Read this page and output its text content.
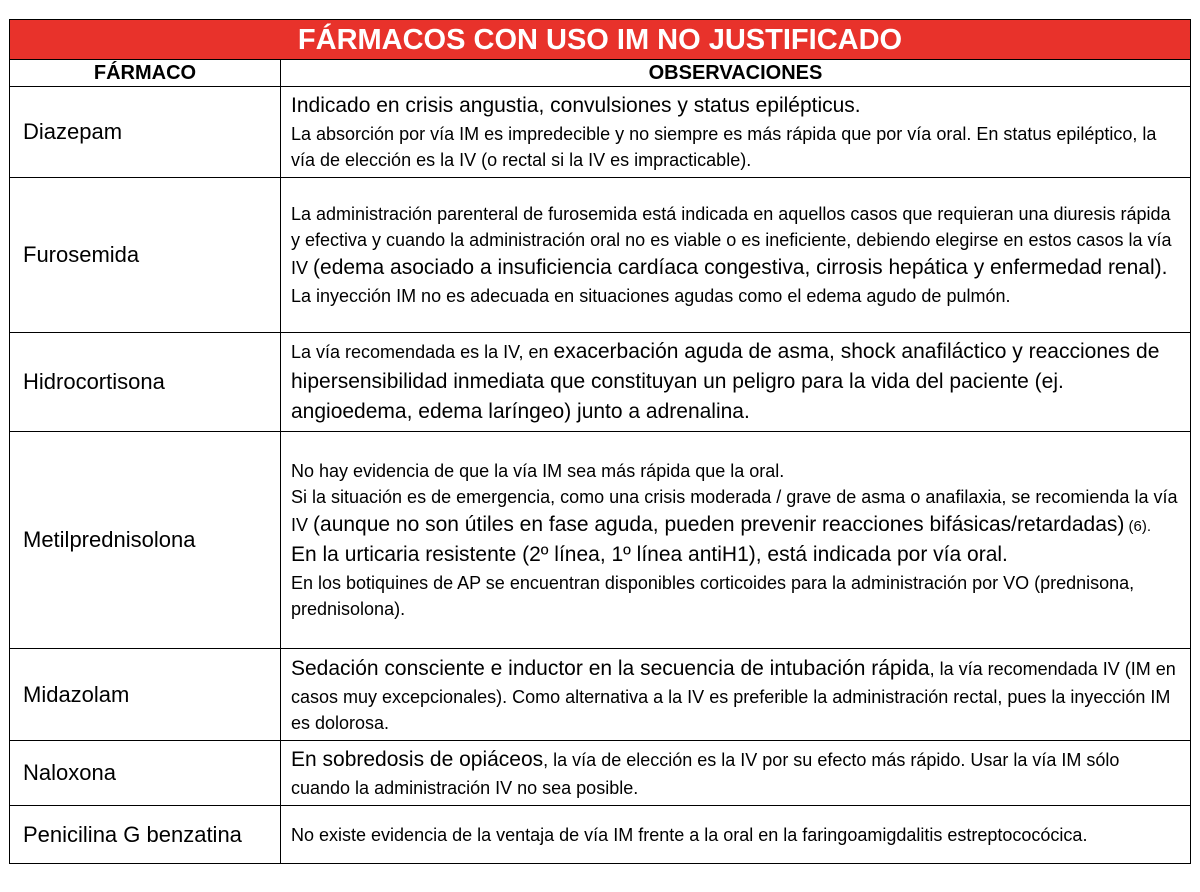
FÁRMACOS CON USO IM NO JUSTIFICADO	
FÁRMACO	OBSERVACIONES
Diazepam	Indicado en crisis angustia, convulsiones y status epilépticus.

La absorción por vía IM es impredecible y no siempre es más rápida que por vía oral. En status epiléptico, la vía de elección es la IV (o rectal si la IV es impracticable).

Furosemida	La administración parenteral de furosemida está indicada en aquellos casos que requieran una diuresis rápida y efectiva y cuando la administración oral no es viable o es ineficiente, debiendo elegirse en estos casos la vía IV (edema asociado a insuficiencia cardíaca congestiva, cirrosis hepática y enfermedad renal).

La inyección IM no es adecuada en situaciones agudas como el edema agudo de pulmón.

Hidrocortisona	La vía recomendada es la IV, en exacerbación aguda de asma, shock anafiláctico y reacciones de hipersensibilidad inmediata que constituyan un peligro para la vida del paciente (ej. angioedema, edema laríngeo) junto a adrenalina.

Metilprednisolona	No hay evidencia de que la vía IM sea más rápida que la oral.

Si la situación es de emergencia, como una crisis moderada / grave de asma o anafilaxia, se recomienda la vía IV (aunque no son útiles en fase aguda, pueden prevenir reacciones bifásicas/retardadas) (6).

En la urticaria resistente (2º línea, 1º línea antiH1), está indicada por vía oral.

En los botiquines de AP se encuentran disponibles corticoides para la administración por VO (prednisona, prednisolona).

Midazolam	Sedación consciente e inductor en la secuencia de intubación rápida, la vía recomendada IV (IM en casos muy excepcionales). Como alternativa a la IV es preferible la administración rectal, pues la inyección IM es dolorosa.

Naloxona	En sobredosis de opiáceos, la vía de elección es la IV por su efecto más rápido. Usar la vía IM sólo cuando la administración IV no sea posible.

Penicilina G benzatina	No existe evidencia de la ventaja de vía IM frente a la oral en la faringoamigdalitis estreptococócica.
